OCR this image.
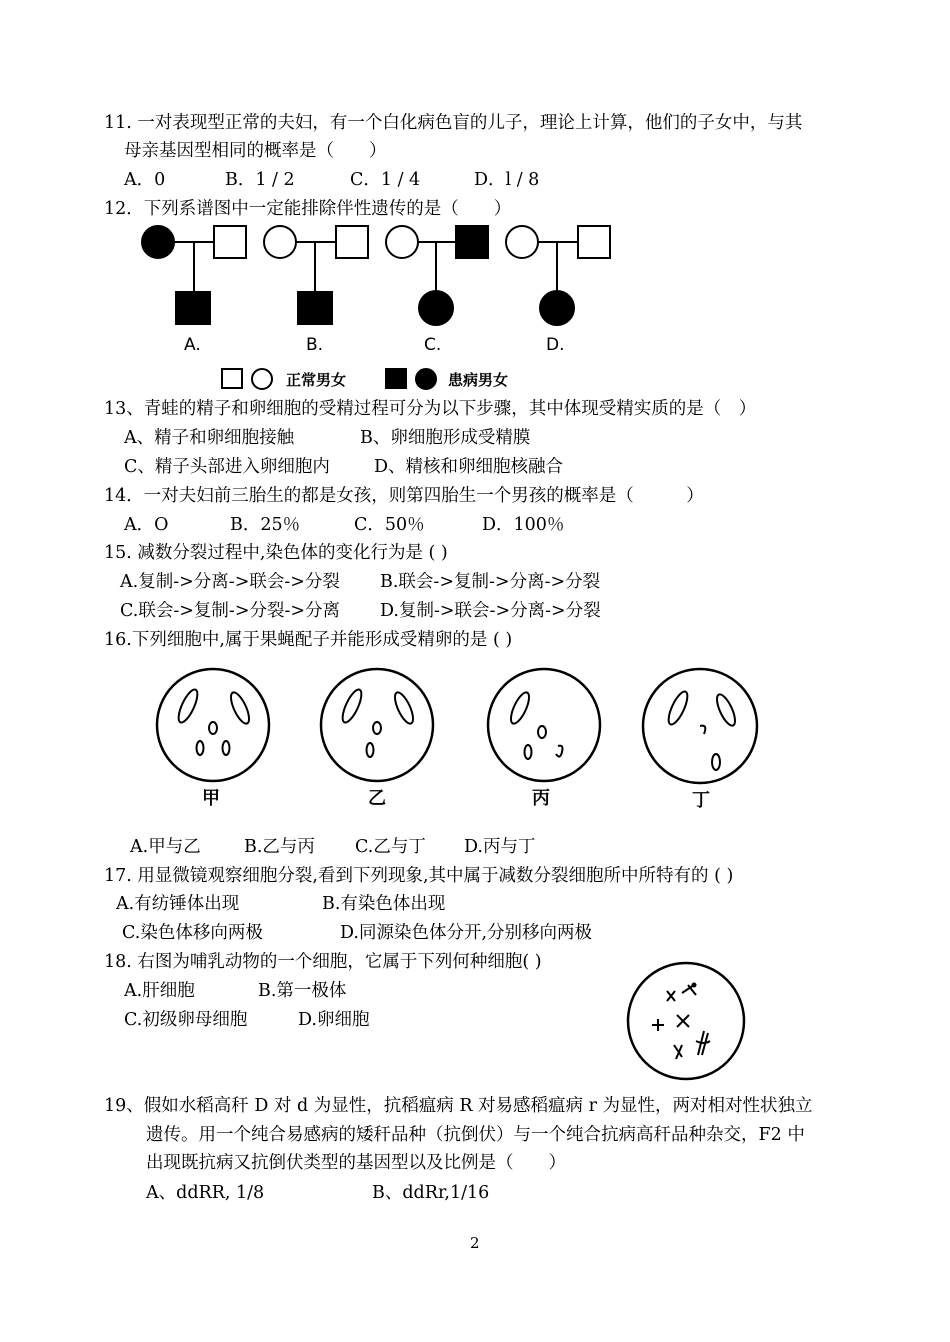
11. 一对表现型正常的夫妇，有一个白化病色盲的儿子，理论上计算，他们的子女中，与其
母亲基因型相同的概率是（　　）
A．0	B．1 / 2	C．1 / 4	D．l / 8
12．下列系谱图中一定能排除伴性遗传的是（　　）
A.	B.	C.	D.
正常男女	患病男女
13、青蛙的精子和卵细胞的受精过程可分为以下步骤，其中体现受精实质的是（　）
A、精子和卵细胞接触	B、卵细胞形成受精膜
C、精子头部进入卵细胞内	D、精核和卵细胞核融合
14．一对夫妇前三胎生的都是女孩，则第四胎生一个男孩的概率是（　　　）
A．O	B．25％	C．50％	D．100％
15. 减数分裂过程中,染色体的变化行为是 ( )
A.复制->分离->联会->分裂 B.联会->复制->分离->分裂
C.联会->复制->分裂->分离 D.复制->联会->分离->分裂
16.下列细胞中,属于果蝇配子并能形成受精卵的是 ( )
甲	乙	丙	丁
A.甲与乙 B.乙与丙 C.乙与丁 D.丙与丁
17. 用显微镜观察细胞分裂,看到下列现象,其中属于减数分裂细胞所中所特有的 ( )
A.有纺锤体出现	B.有染色体出现
C.染色体移向两极	D.同源染色体分开,分别移向两极
18. 右图为哺乳动物的一个细胞，它属于下列何种细胞( )
A.肝细胞	B.第一极体
C.初级卵母细胞	D.卵细胞
19、假如水稻高秆 D 对 d 为显性，抗稻瘟病 R 对易感稻瘟病 r 为显性，两对相对性状独立
遗传。用一个纯合易感病的矮秆品种（抗倒伏）与一个纯合抗病高秆品种杂交，F2 中
出现既抗病又抗倒伏类型的基因型以及比例是（　　）
A、ddRR, 1/8	B、ddRr,1/16
2
